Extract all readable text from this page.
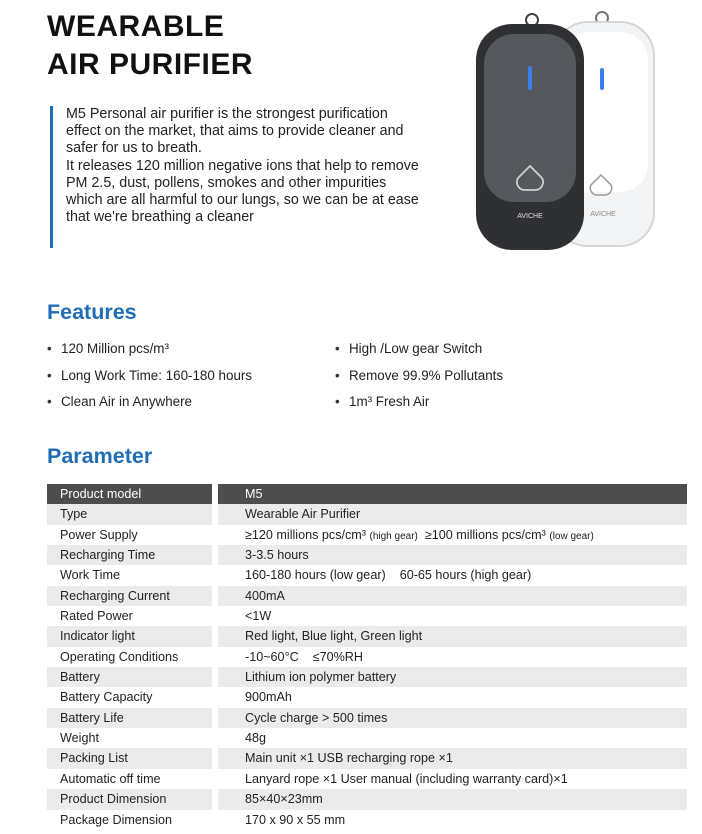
WEARABLE
AIR PURIFIER

M5 Personal air purifier is the strongest purification effect on the market, that aims to provide cleaner and safer for us to breath.

It releases 120 million negative ions that help to remove PM 2.5, dust, pollens, smokes and other impurities which are all harmful to our lungs, so we can be at ease that we're breathing a cleaner	AVICHE
AVICHE
Features
• 120 Million pcs/m³
• Long Work Time: 160-180 hours
• Clean Air in Anywhere
• High /Low gear Switch
• Remove 99.9% Pollutants
• 1m³ Fresh Air
Parameter
Product model	M5
Type	Wearable Air Purifier
Power Supply	≥120 millions pcs/cm³ (high gear) ≥100 millions pcs/cm³ (low gear)
Recharging Time	3-3.5 hours
Work Time	160-180 hours (low gear)    60-65 hours (high gear)
Recharging Current	400mA
Rated Power	<1W
Indicator light	Red light, Blue light, Green light
Operating Conditions	-10~60°C    ≤70%RH
Battery	Lithium ion polymer battery
Battery Capacity	900mAh
Battery Life	Cycle charge > 500 times
Weight	48g
Packing List	Main unit ×1 USB recharging rope ×1
Automatic off time	Lanyard rope ×1 User manual (including warranty card)×1
Product Dimension	85×40×23mm
Package Dimension	170 x 90 x 55 mm
